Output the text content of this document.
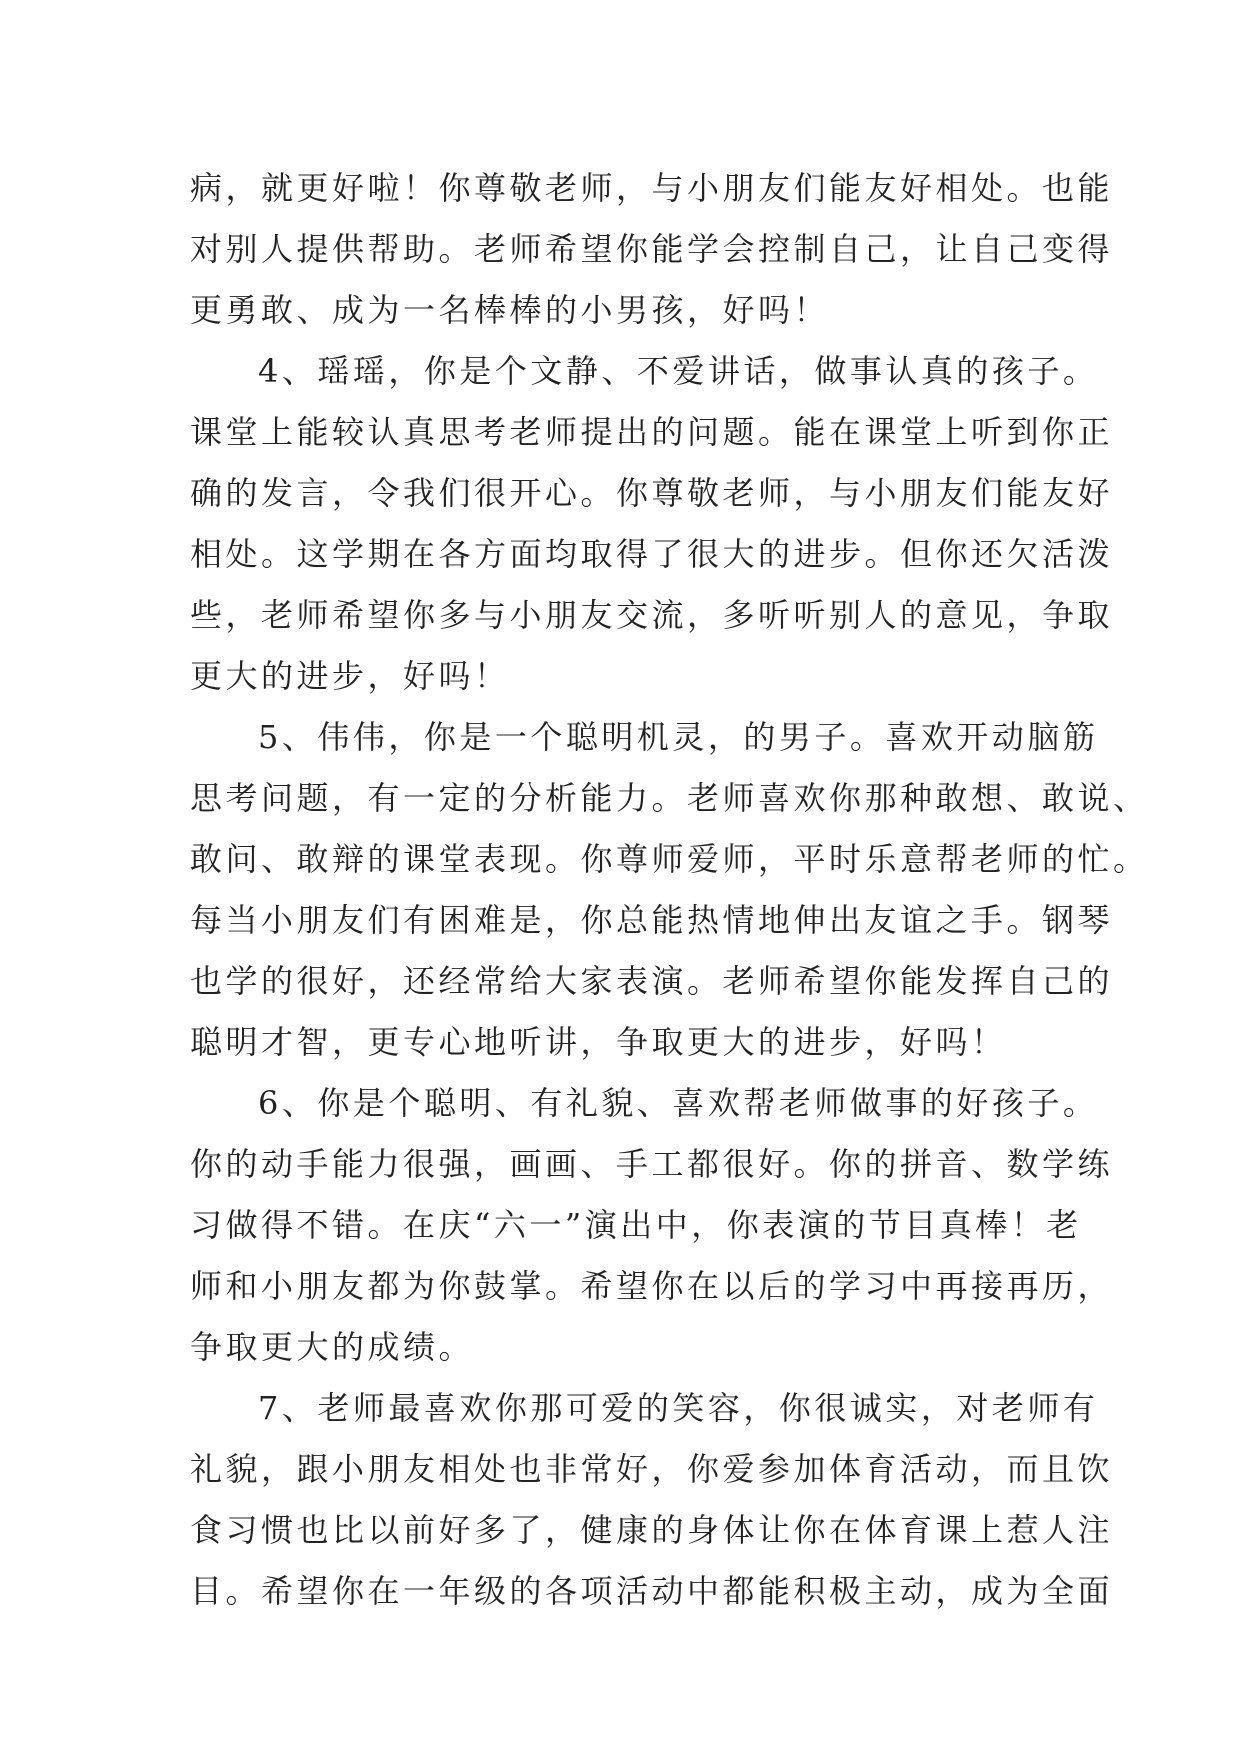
病，就更好啦！你尊敬老师，与小朋友们能友好相处。也能
对别人提供帮助。老师希望你能学会控制自己，让自己变得
更勇敢、成为一名棒棒的小男孩，好吗！
4、瑶瑶，你是个文静、不爱讲话，做事认真的孩子。
课堂上能较认真思考老师提出的问题。能在课堂上听到你正
确的发言，令我们很开心。你尊敬老师，与小朋友们能友好
相处。这学期在各方面均取得了很大的进步。但你还欠活泼
些，老师希望你多与小朋友交流，多听听别人的意见，争取
更大的进步，好吗！
5、伟伟，你是一个聪明机灵，的男子。喜欢开动脑筋
思考问题，有一定的分析能力。老师喜欢你那种敢想、敢说、
敢问、敢辩的课堂表现。你尊师爱师，平时乐意帮老师的忙。
每当小朋友们有困难是，你总能热情地伸出友谊之手。钢琴
也学的很好，还经常给大家表演。老师希望你能发挥自己的
聪明才智，更专心地听讲，争取更大的进步，好吗！
6、你是个聪明、有礼貌、喜欢帮老师做事的好孩子。
你的动手能力很强，画画、手工都很好。你的拼音、数学练
习做得不错。在庆“六一”演出中，你表演的节目真棒！老
师和小朋友都为你鼓掌。希望你在以后的学习中再接再历，
争取更大的成绩。
7、老师最喜欢你那可爱的笑容，你很诚实，对老师有
礼貌，跟小朋友相处也非常好，你爱参加体育活动，而且饮
食习惯也比以前好多了，健康的身体让你在体育课上惹人注
目。希望你在一年级的各项活动中都能积极主动，成为全面
